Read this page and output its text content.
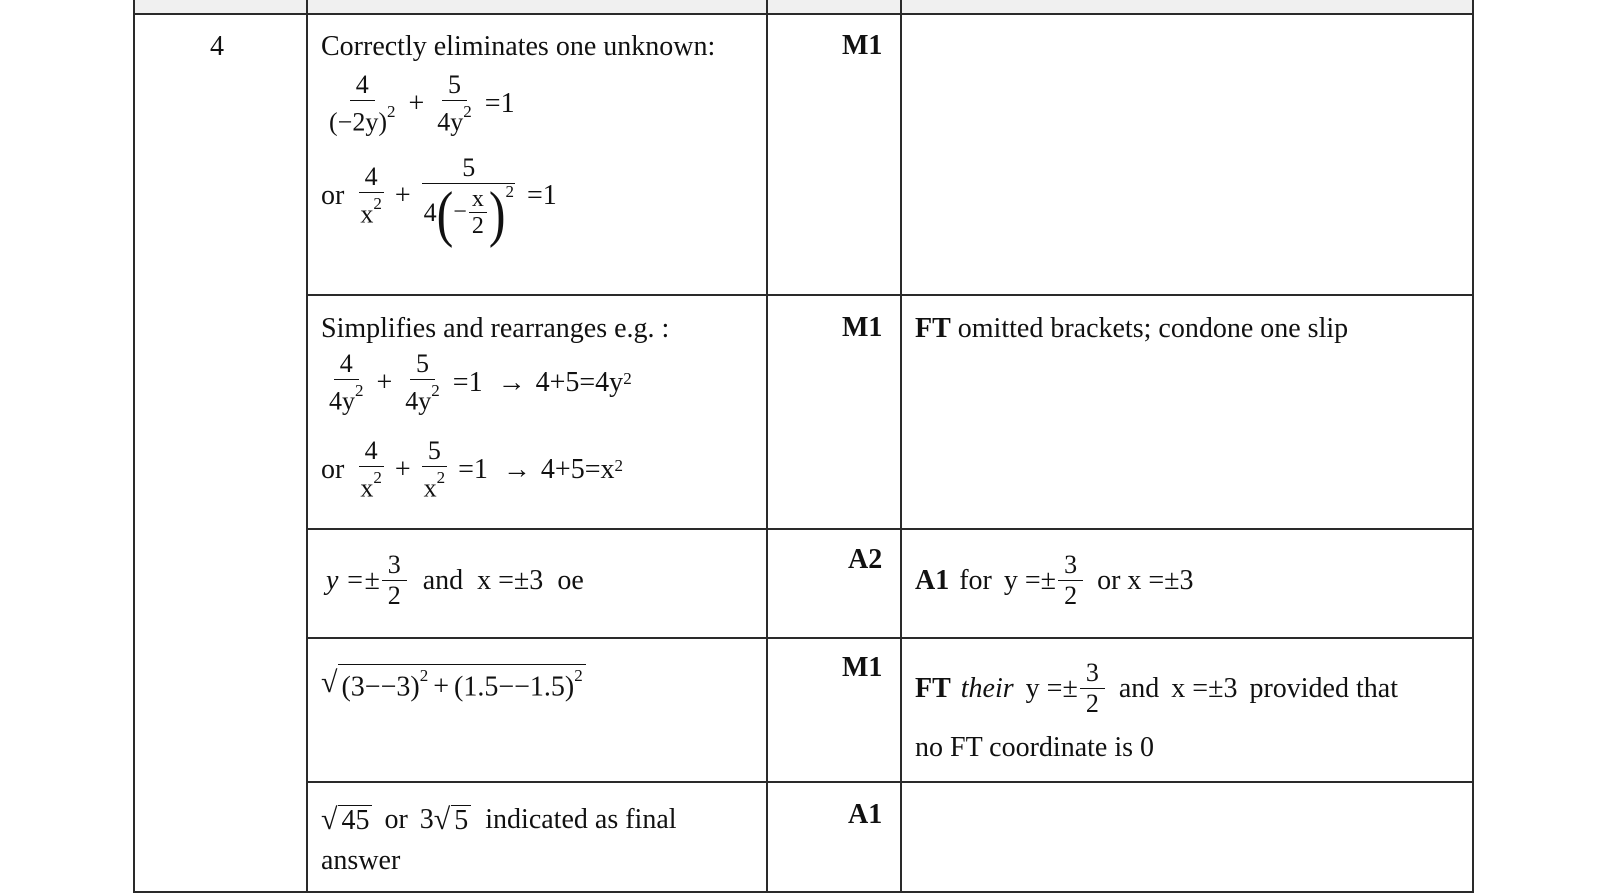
4	Correctly eliminates one unknown:
$\frac{4}{(-2y)^2} + \frac{5}{4y^2} =1$
or $\frac{4}{x^2} + \frac{5}{4 ( - \frac{x}{2} ) 2} =1$
M1
Simplifies and rearranges e.g. :
$\frac{4}{4y^2} + \frac{5}{4y^2} =1 \to 4+5=4y$ 2
or $\frac{4}{x^2} + \frac{5}{x^2} =1 \to 4+5=x$ 2
M1 FT omitted brackets; condone one slip
$y =\pm \frac{3}{2}$ and x =±3 oe
A2
A1 for $y =\pm \frac{3}{2}$ or x =±3
√ $(3--3)^2 + (1.5--1.5)^2$	M1
FT their $y =\pm \frac{3}{2}$ and x =±3 provided that
no FT coordinate is 0
√ 45 or 3 √ 5 indicated as final
answer
A1
